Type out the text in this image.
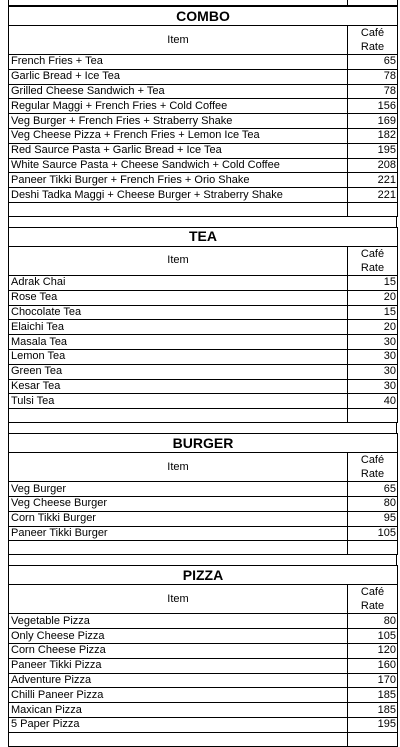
COMBO	
Item	Café
Rate

French Fries + Tea	65
Garlic Bread + Ice Tea	78
Grilled Cheese Sandwich + Tea	78
Regular Maggi + French Fries + Cold Coffee	156
Veg Burger + French Fries + Straberry Shake	169
Veg Cheese Pizza + French Fries + Lemon Ice Tea	182
Red Saurce Pasta + Garlic Bread + Ice Tea	195
White Saurce Pasta + Cheese Sandwich + Cold Coffee	208
Paneer Tikki Burger + French Fries + Orio Shake	221
Deshi Tadka Maggi + Cheese Burger + Straberry Shake	221

TEA	
Item	Café
Rate

Adrak Chai	15
Rose Tea	20
Chocolate Tea	15
Elaichi Tea	20
Masala Tea	30
Lemon Tea	30
Green Tea	30
Kesar Tea	30
Tulsi Tea	40

BURGER	
Item	Café
Rate

Veg Burger	65
Veg Cheese Burger	80
Corn Tikki Burger	95
Paneer Tikki Burger	105

PIZZA	
Item	Café
Rate

Vegetable Pizza	80
Only Cheese Pizza	105
Corn Cheese Pizza	120
Paneer Tikki Pizza	160
Adventure Pizza	170
Chilli Paneer Pizza	185
Maxican Pizza	185
5 Paper Pizza	195
